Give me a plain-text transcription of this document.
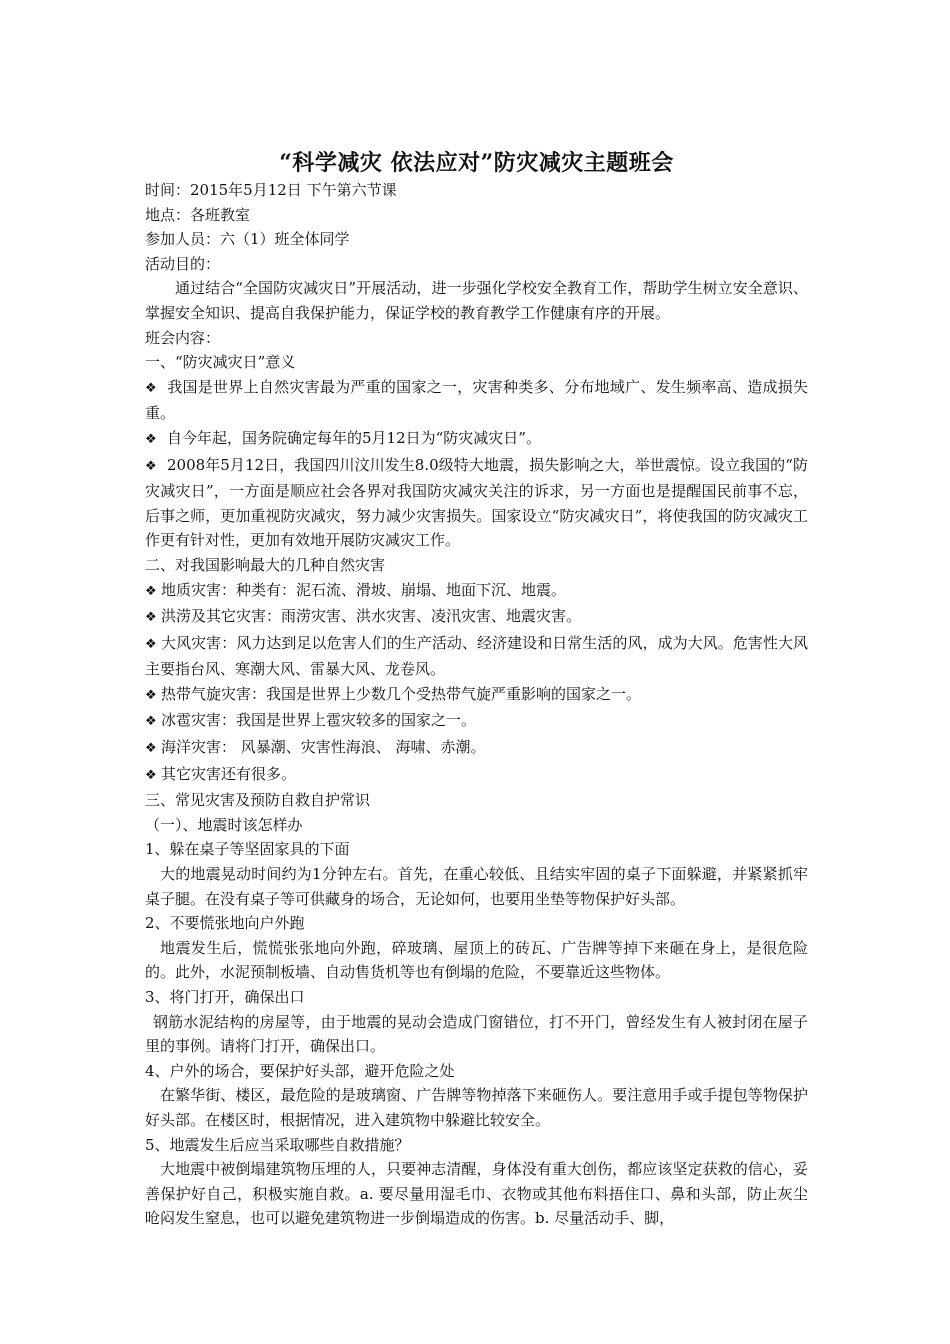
“科学减灾 依法应对”防灾减灾主题班会

时间：2015年5月12日 下午第六节课

地点：各班教室

参加人员：六（1）班全体同学

活动目的：

通过结合“全国防灾减灾日”开展活动，进一步强化学校安全教育工作，帮助学生树立安全意识、掌握安全知识、提高自我保护能力，保证学校的教育教学工作健康有序的开展。

班会内容：

一、“防灾减灾日”意义

❖ 我国是世界上自然灾害最为严重的国家之一，灾害种类多、分布地域广、发生频率高、造成损失重。

❖ 自今年起，国务院确定每年的5月12日为“防灾减灾日”。

❖ 2008年5月12日，我国四川汶川发生8.0级特大地震，损失影响之大，举世震惊。设立我国的“防灾减灾日”，一方面是顺应社会各界对我国防灾减灾关注的诉求，另一方面也是提醒国民前事不忘，后事之师，更加重视防灾减灾，努力减少灾害损失。国家设立“防灾减灾日”，将使我国的防灾减灾工作更有针对性，更加有效地开展防灾减灾工作。

二、对我国影响最大的几种自然灾害

❖ 地质灾害：种类有：泥石流、滑坡、崩塌、地面下沉、地震。

❖ 洪涝及其它灾害：雨涝灾害、洪水灾害、凌汛灾害、地震灾害。

❖ 大风灾害：风力达到足以危害人们的生产活动、经济建设和日常生活的风，成为大风。危害性大风主要指台风、寒潮大风、雷暴大风、龙卷风。

❖ 热带气旋灾害：我国是世界上少数几个受热带气旋严重影响的国家之一。

❖ 冰雹灾害：我国是世界上雹灾较多的国家之一。

❖ 海洋灾害： 风暴潮、灾害性海浪、 海啸、赤潮。

❖ 其它灾害还有很多。

三、常见灾害及预防自救自护常识

（一）、地震时该怎样办

1、躲在桌子等坚固家具的下面

大的地震晃动时间约为1分钟左右。首先，在重心较低、且结实牢固的桌子下面躲避，并紧紧抓牢桌子腿。在没有桌子等可供藏身的场合，无论如何，也要用坐垫等物保护好头部。

2、不要慌张地向户外跑

地震发生后，慌慌张张地向外跑，碎玻璃、屋顶上的砖瓦、广告牌等掉下来砸在身上，是很危险的。此外，水泥预制板墙、自动售货机等也有倒塌的危险，不要靠近这些物体。

3、将门打开，确保出口

钢筋水泥结构的房屋等，由于地震的晃动会造成门窗错位，打不开门，曾经发生有人被封闭在屋子里的事例。请将门打开，确保出口。

4、户外的场合，要保护好头部，避开危险之处

在繁华街、楼区，最危险的是玻璃窗、广告牌等物掉落下来砸伤人。要注意用手或手提包等物保护好头部。在楼区时，根据情况，进入建筑物中躲避比较安全。

5、地震发生后应当采取哪些自救措施？

大地震中被倒塌建筑物压埋的人，只要神志清醒，身体没有重大创伤，都应该坚定获救的信心，妥善保护好自己，积极实施自救。a. 要尽量用湿毛巾、衣物或其他布料捂住口、鼻和头部，防止灰尘呛闷发生窒息，也可以避免建筑物进一步倒塌造成的伤害。b. 尽量活动手、脚，
